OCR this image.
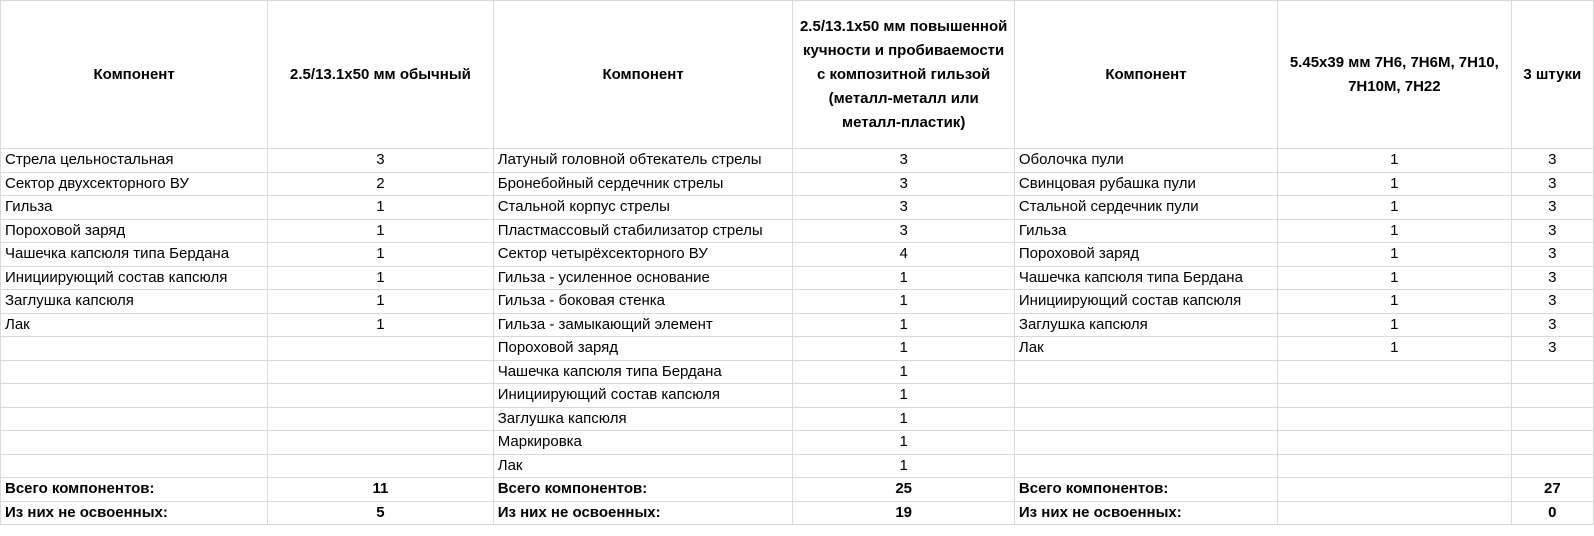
Компонент	2.5/13.1x50 мм обычный	Компонент	2.5/13.1x50 мм повышенной кучности и пробиваемости с композитной гильзой (металл-металл или металл-пластик)	Компонент	5.45x39 мм 7Н6, 7Н6М, 7Н10, 7Н10М, 7Н22	3 штуки
Стрела цельностальная	3	Латуный головной обтекатель стрелы	3	Оболочка пули	1	3
Сектор двухсекторного ВУ	2	Бронебойный сердечник стрелы	3	Свинцовая рубашка пули	1	3
Гильза	1	Стальной корпус стрелы	3	Стальной сердечник пули	1	3
Пороховой заряд	1	Пластмассовый стабилизатор стрелы	3	Гильза	1	3
Чашечка капсюля типа Бердана	1	Сектор четырёхсекторного ВУ	4	Пороховой заряд	1	3
Инициирующий состав капсюля	1	Гильза - усиленное основание	1	Чашечка капсюля типа Бердана	1	3
Заглушка капсюля	1	Гильза - боковая стенка	1	Инициирующий состав капсюля	1	3
Лак	1	Гильза - замыкающий элемент	1	Заглушка капсюля	1	3
		Пороховой заряд	1	Лак	1	3
		Чашечка капсюля типа Бердана	1			
		Инициирующий состав капсюля	1			
		Заглушка капсюля	1			
		Маркировка	1			
		Лак	1			
Всего компонентов:	11	Всего компонентов:	25	Всего компонентов:		27
Из них не освоенных:	5	Из них не освоенных:	19	Из них не освоенных:		0
